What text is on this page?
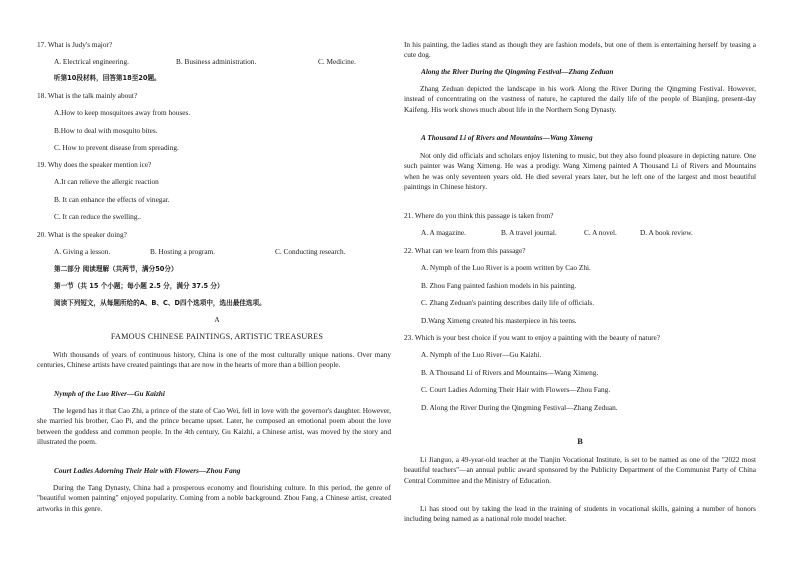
17. What is Judy's major?
A. Electrical engineering.	B. Business administration.	C. Medicine.
听第10段材料，回答第18至20题。
18. What is the talk mainly about?
A.How to keep mosquitoes away from houses.
B.How to deal with mosquito bites.
C. How to prevent disease from spreading.
19. Why does the speaker mention ice?
A.It can relieve the allergic reaction
B. It can enhance the effects of vinegar.
C. It can reduce the swelling..
20. What is the speaker doing?
A. Giving a lesson.	B. Hosting a program.	C. Conducting research.
第二部分 阅读理解（共两节，满分50分）
第一节（共 15 个小题；每小题 2.5 分，满分 37.5 分）
阅读下列短文，从每题所给的A、B、C、D四个选项中，选出最佳选项。
A
FAMOUS CHINESE PAINTINGS, ARTISTIC TREASURES

With thousands of years of continuous history, China is one of the most culturally unique nations. Over many centuries, Chinese artists have created paintings that are now in the hearts of more than a billion people.

Nymph of the Luo River—Gu Kaizhi

The legend has it that Cao Zhi, a prince of the state of Cao Wei, fell in love with the governor's daughter. However, she married his brother, Cao Pi, and the prince became upset. Later, he composed an emotional poem about the love between the goddess and common people. In the 4th century, Gu Kaizhi, a Chinese artist, was moved by the story and illustrated the poem.

Court Ladies Adorning Their Hair with Flowers—Zhou Fang

During the Tang Dynasty, China had a prosperous economy and flourishing culture. In this period, the genre of "beautiful women painting" enjoyed popularity. Coming from a noble background. Zhou Fang, a Chinese artist, created artworks in this genre.

In his painting, the ladies stand as though they are fashion models, but one of them is entertaining herself by teasing a cute dog.

Along the River During the Qingming Festival—Zhang Zeduan

Zhang Zeduan depicted the landscape in his work Along the River During the Qingming Festival. However, instead of concentrating on the vastness of nature, he captured the daily life of the people of Bianjing, present-day Kaifeng. His work shows much about life in the Northern Song Dynasty.

A Thousand Li of Rivers and Mountains—Wang Ximeng

Not only did officials and scholars enjoy listening to music, but they also found pleasure in depicting nature. One such painter was Wang Ximeng. He was a prodigy. Wang Ximeng painted A Thousand Li of Rivers and Mountains when he was only seventeen years old. He died several years later, but he left one of the largest and most beautiful paintings in Chinese history.

21. Where do you think this passage is taken from?
A. A magazine.	B. A travel journal.	C. A novel.	D. A book review.
22. What can we learn from this passage?
A. Nymph of the Luo River is a poem written by Cao Zhi.
B. Zhou Fang painted fashion models in his painting.
C. Zhang Zeduan's painting describes daily life of officials.
D.Wang Ximeng created his masterpiece in his teens.
23. Which is your best choice if you want to enjoy a painting with the beauty of nature?
A. Nymph of the Luo River—Gu Kaizhi.
B. A Thousand Li of Rivers and Mountains—Wang Ximeng.
C. Court Ladies Adorning Their Hair with Flowers—Zhou Fang.
D. Along the River During the Qingming Festival—Zhang Zeduan.
B

Li Jianguo, a 49-year-old teacher at the Tianjin Vocational Institute, is set to be named as one of the "2022 most beautiful teachers"—an annual public award sponsored by the Publicity Department of the Communist Party of China Central Committee and the Ministry of Education.

Li has stood out by taking the lead in the training of students in vocational skills, gaining a number of honors including being named as a national role model teacher.
